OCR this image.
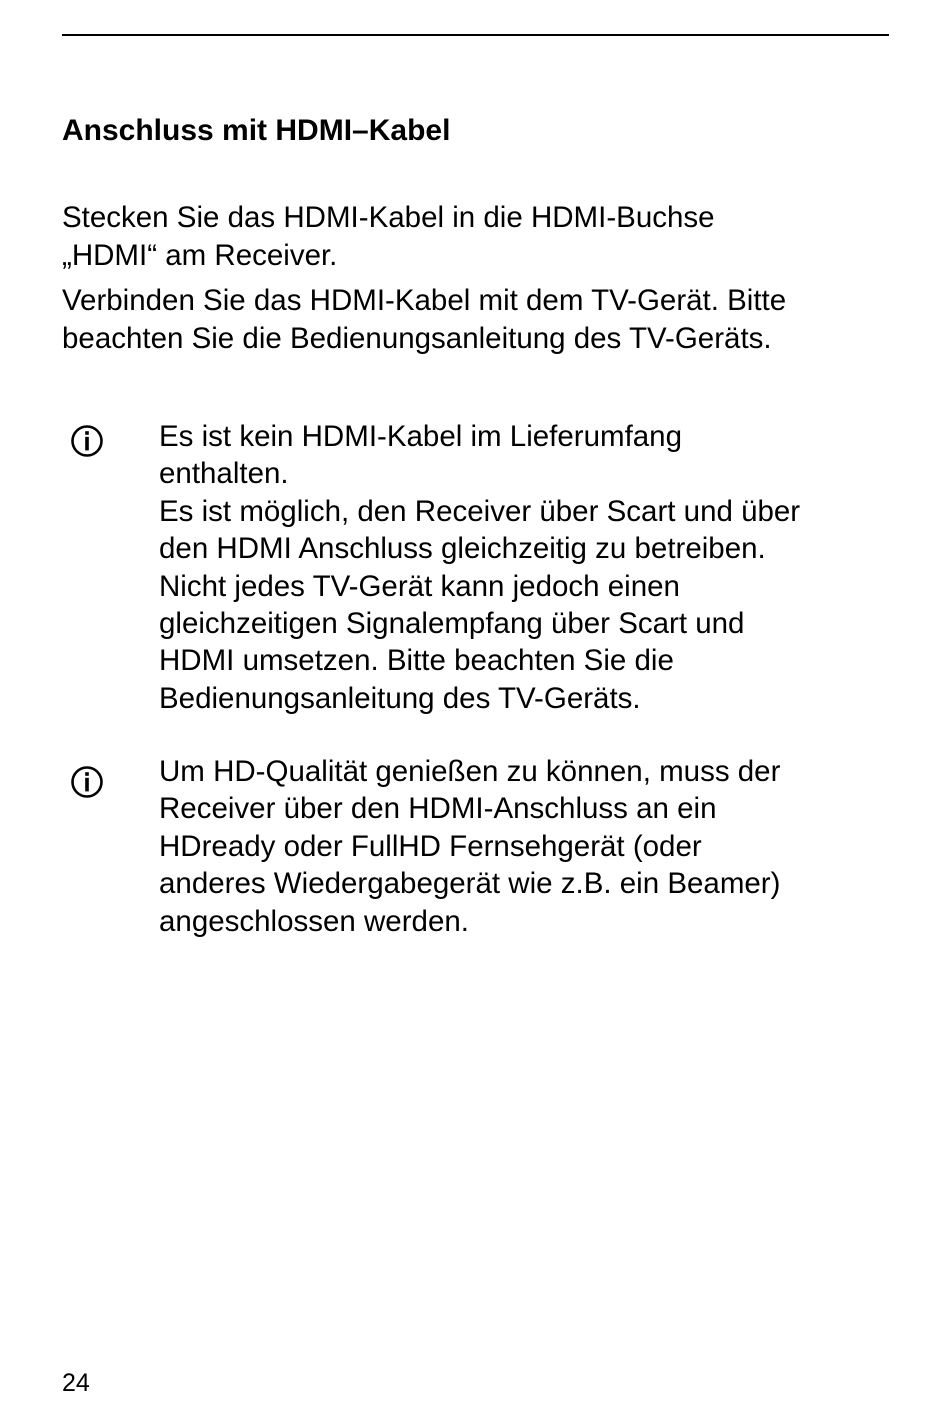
Anschluss mit HDMI–Kabel

Stecken Sie das HDMI-Kabel in die HDMI-Buchse
„HDMI“ am Receiver.

Verbinden Sie das HDMI-Kabel mit dem TV-Gerät. Bitte
beachten Sie die Bedienungsanleitung des TV-Geräts.

Es ist kein HDMI-Kabel im Lieferumfang
enthalten.
Es ist möglich, den Receiver über Scart und über
den HDMI Anschluss gleichzeitig zu betreiben.
Nicht jedes TV-Gerät kann jedoch einen
gleichzeitigen Signalempfang über Scart und
HDMI umsetzen. Bitte beachten Sie die
Bedienungsanleitung des TV-Geräts.
Um HD-Qualität genießen zu können, muss der
Receiver über den HDMI-Anschluss an ein
HDready oder FullHD Fernsehgerät (oder
anderes Wiedergabegerät wie z.B. ein Beamer)
angeschlossen werden.
24
